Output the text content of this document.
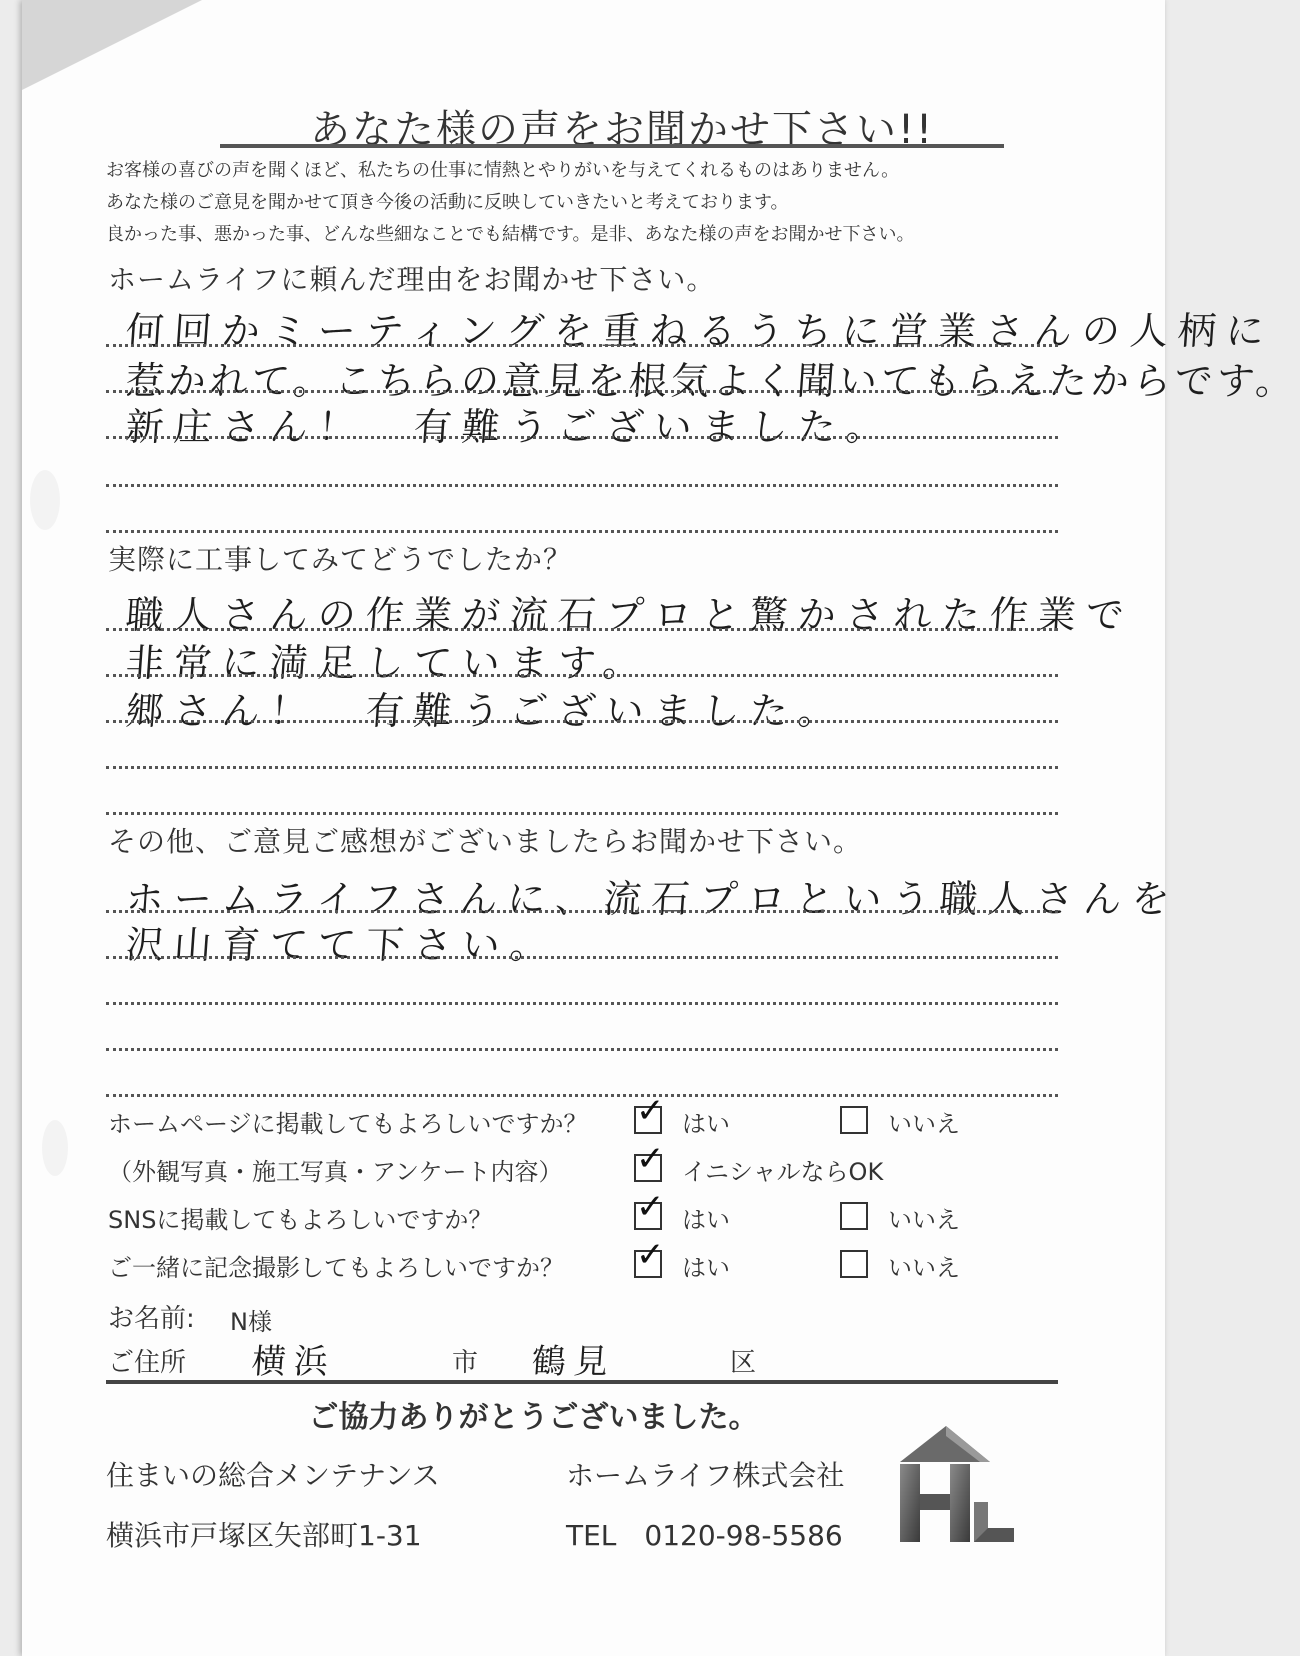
あなた様の声をお聞かせ下さい!!
お客様の喜びの声を聞くほど、私たちの仕事に情熱とやりがいを与えてくれるものはありません。
あなた様のご意見を聞かせて頂き今後の活動に反映していきたいと考えております。
良かった事、悪かった事、どんな些細なことでも結構です。是非、あなた様の声をお聞かせ下さい。
ホームライフに頼んだ理由をお聞かせ下さい。
何回かミーティングを重ねるうちに営業さんの人柄に
惹かれて。こちらの意見を根気よく聞いてもらえたからです。
新庄さん！　有難うございました。
実際に工事してみてどうでしたか？
職人さんの作業が流石プロと驚かされた作業で
非常に満足しています。
郷さん！　有難うございました。
その他、ご意見ご感想がございましたらお聞かせ下さい。
ホームライフさんに、流石プロという職人さんを
沢山育てて下さい。
ホームページに掲載してもよろしいですか？ ✓ はい	いいえ
（外観写真・施工写真・アンケート内容） ✓ イニシャルならOK
SNSに掲載してもよろしいですか？	✓ はい	いいえ
ご一緒に記念撮影してもよろしいですか？ ✓ はい	いいえ
お名前: N様
ご住所 横浜	市 鶴見	区
ご協力ありがとうございました。
住まいの総合メンテナンス	ホームライフ株式会社
横浜市戸塚区矢部町1-31	TEL　0120-98-5586
